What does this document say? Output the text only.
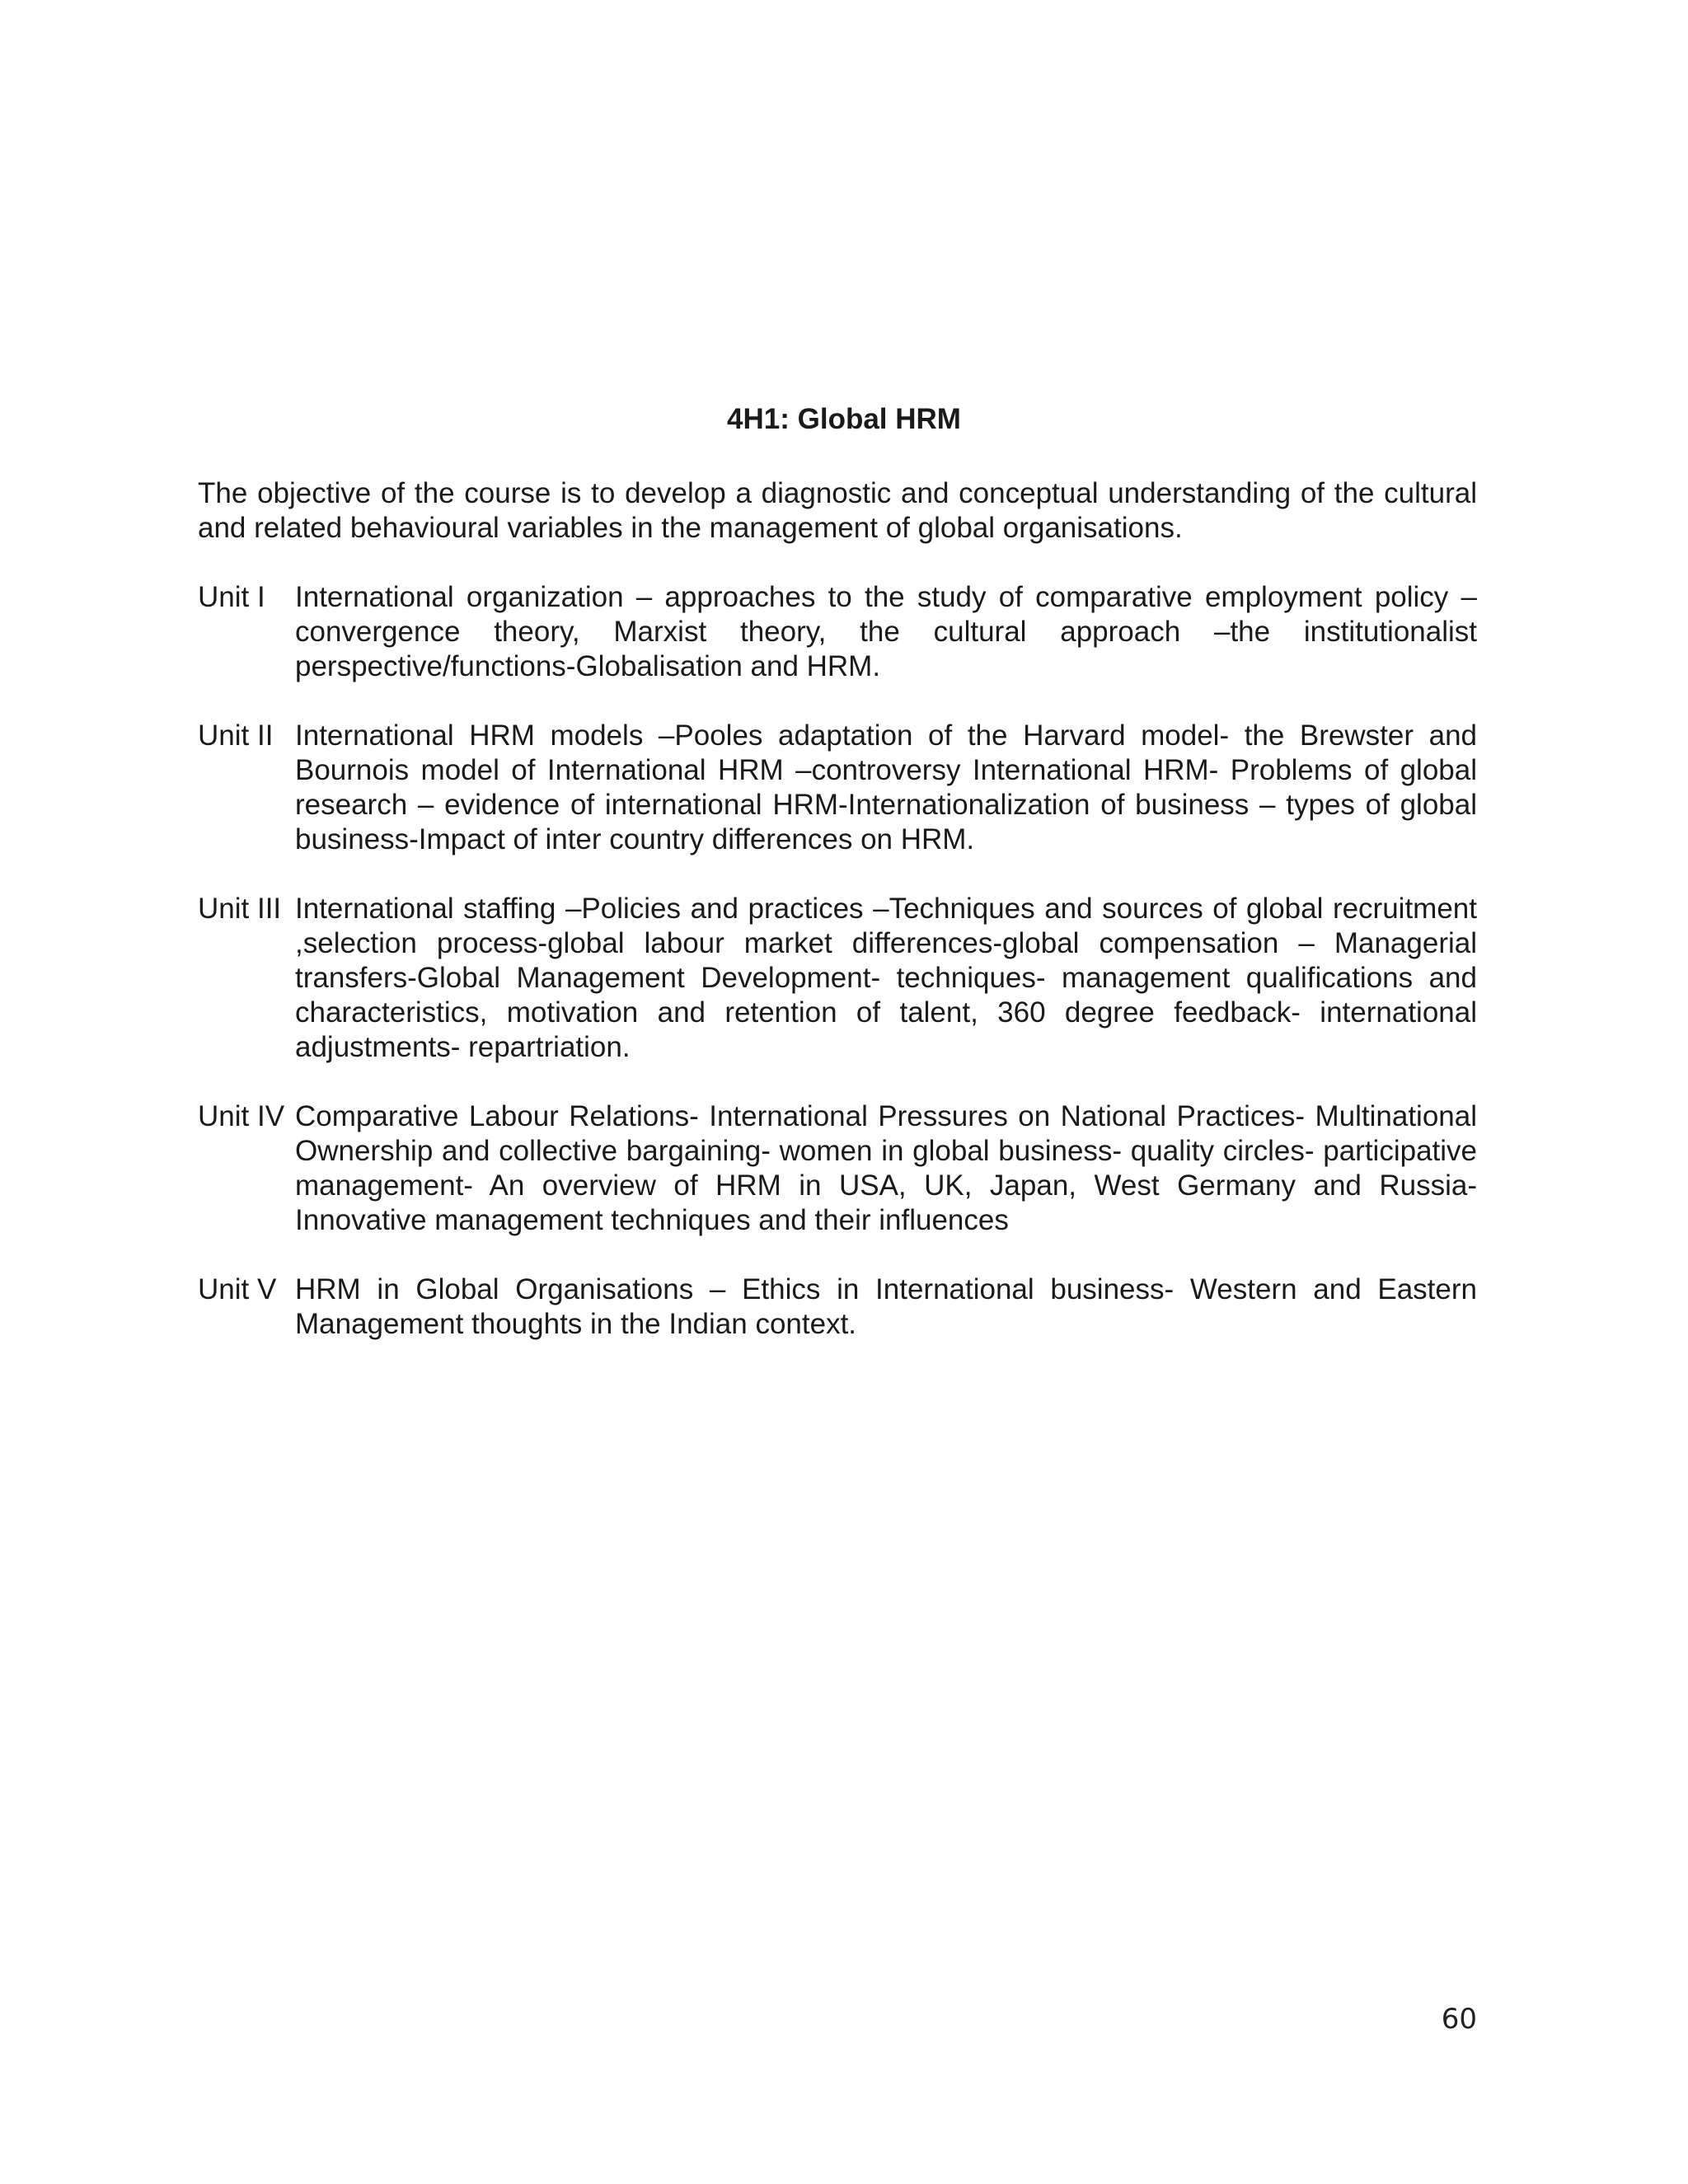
4H1: Global HRM

The objective of the course is to develop a diagnostic and conceptual understanding of the cultural and related behavioural variables in the management of global organisations.

Unit I International organization – approaches to the study of comparative employment policy – convergence theory, Marxist theory, the cultural approach –the institutionalist perspective/functions-Globalisation and HRM.
Unit II International HRM models –Pooles adaptation of the Harvard model- the Brewster and Bournois model of International HRM –controversy International HRM- Problems of global research – evidence of international HRM-Internationalization of business – types of global business-Impact of inter country differences on HRM.
Unit III International staffing –Policies and practices –Techniques and sources of global recruitment ,selection process-global labour market differences-global compensation – Managerial transfers-Global Management Development- techniques- management qualifications and characteristics, motivation and retention of talent, 360 degree feedback- international adjustments- repartriation.
Unit IV Comparative Labour Relations- International Pressures on National Practices- Multinational Ownership and collective bargaining- women in global business- quality circles- participative management- An overview of HRM in USA, UK, Japan, West Germany and Russia- Innovative management techniques and their influences
Unit V HRM in Global Organisations – Ethics in International business- Western and Eastern Management thoughts in the Indian context.
60
